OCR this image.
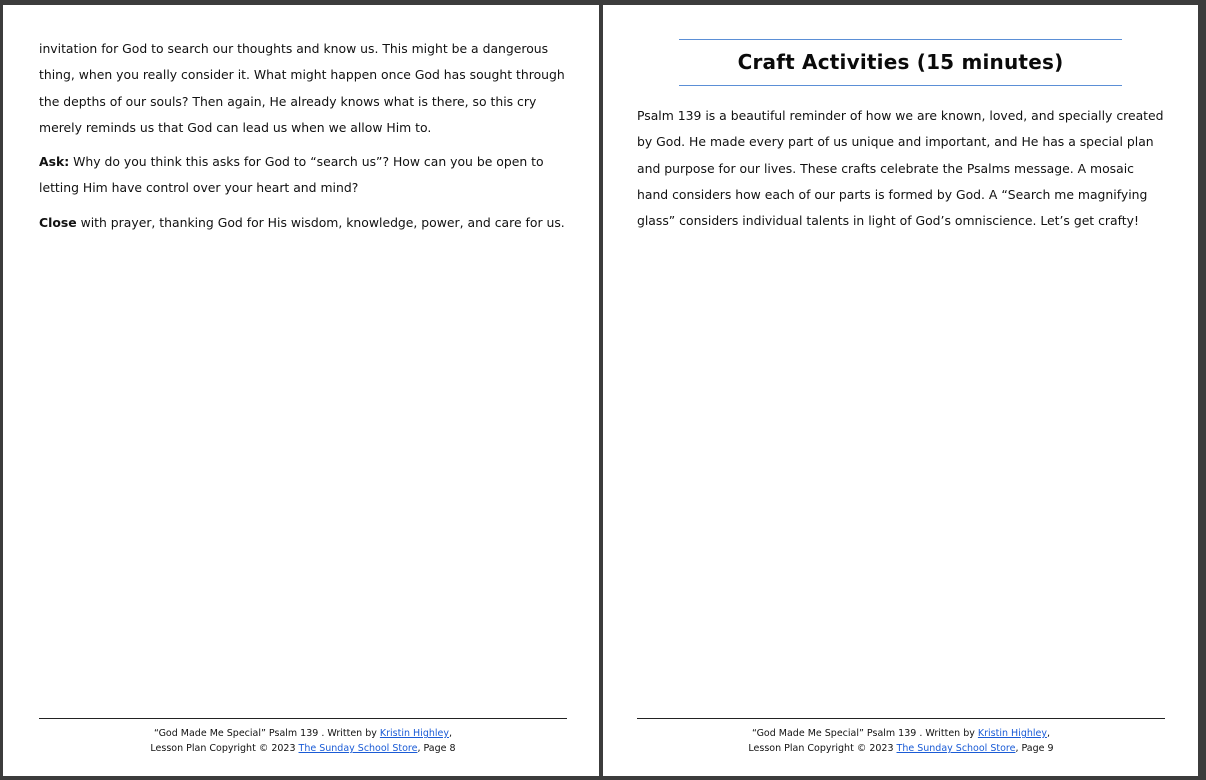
invitation for God to search our thoughts and know us. This might be a dangerous thing, when you really consider it. What might happen once God has sought through the depths of our souls? Then again, He already knows what is there, so this cry merely reminds us that God can lead us when we allow Him to.

Ask: Why do you think this asks for God to “search us”? How can you be open to letting Him have control over your heart and mind?

Close with prayer, thanking God for His wisdom, knowledge, power, and care for us.

“God Made Me Special” Psalm 139 . Written by Kristin Highley,
Lesson Plan Copyright © 2023 The Sunday School Store, Page 8
Craft Activities (15 minutes)

Psalm 139 is a beautiful reminder of how we are known, loved, and specially created by God. He made every part of us unique and important, and He has a special plan and purpose for our lives. These crafts celebrate the Psalms message. A mosaic hand considers how each of our parts is formed by God. A “Search me magnifying glass” considers individual talents in light of God’s omniscience. Let’s get crafty!

“God Made Me Special” Psalm 139 . Written by Kristin Highley,
Lesson Plan Copyright © 2023 The Sunday School Store, Page 9
